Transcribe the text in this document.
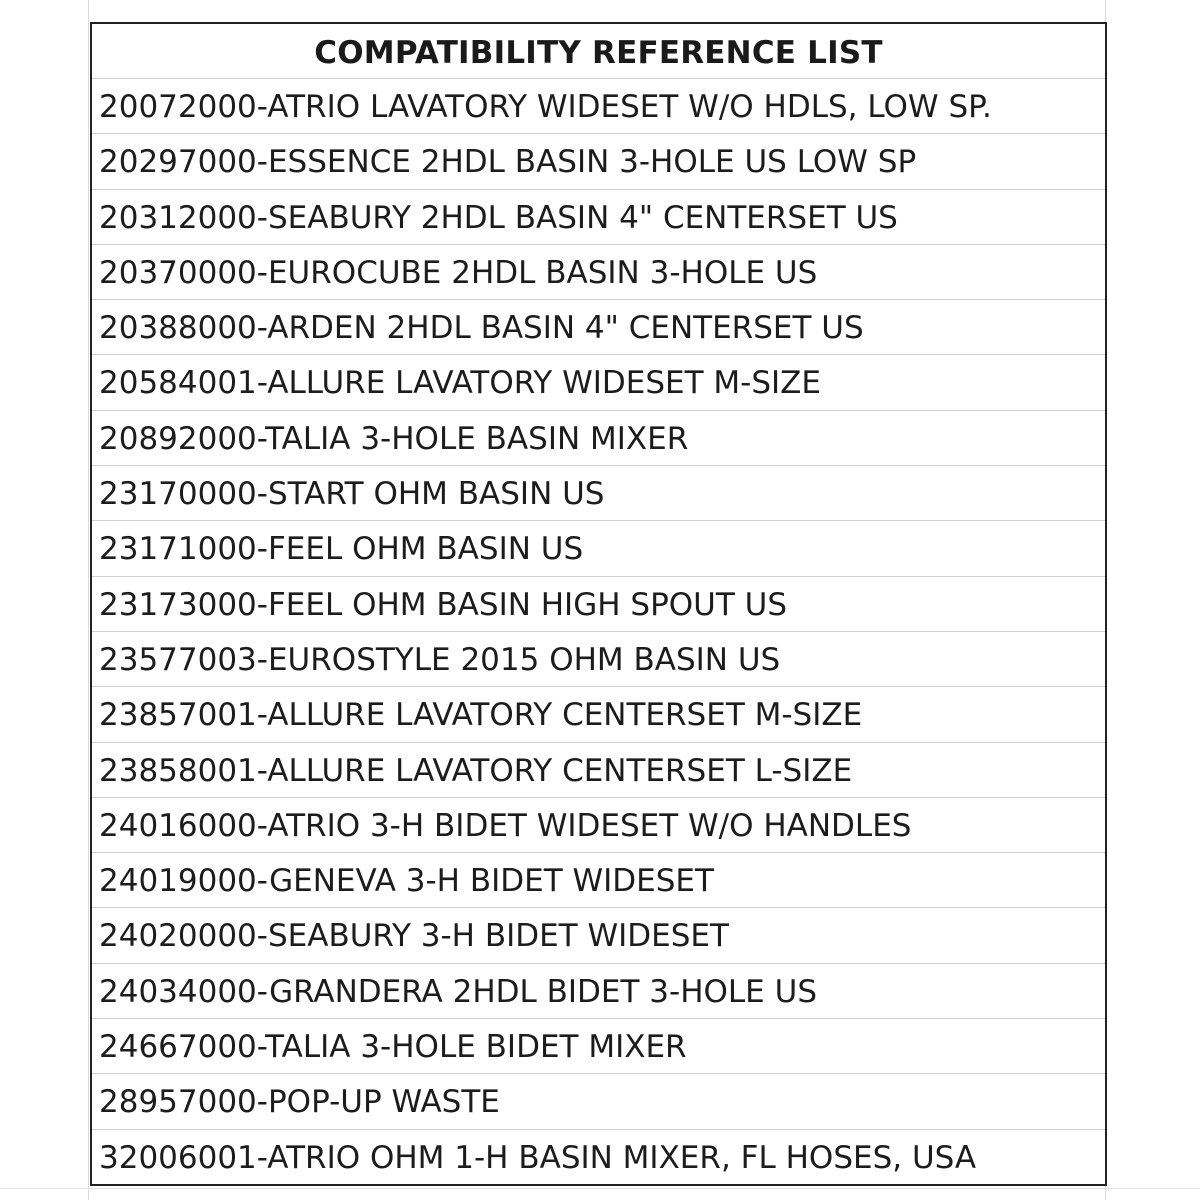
COMPATIBILITY REFERENCE LIST
20072000-ATRIO LAVATORY WIDESET W/O HDLS, LOW SP.
20297000-ESSENCE 2HDL BASIN 3-HOLE US LOW SP
20312000-SEABURY 2HDL BASIN 4" CENTERSET US
20370000-EUROCUBE 2HDL BASIN 3-HOLE US
20388000-ARDEN 2HDL BASIN 4" CENTERSET US
20584001-ALLURE LAVATORY WIDESET M-SIZE
20892000-TALIA 3-HOLE BASIN MIXER
23170000-START OHM BASIN US
23171000-FEEL OHM BASIN US
23173000-FEEL OHM BASIN HIGH SPOUT US
23577003-EUROSTYLE 2015 OHM BASIN US
23857001-ALLURE LAVATORY CENTERSET M-SIZE
23858001-ALLURE LAVATORY CENTERSET L-SIZE
24016000-ATRIO 3-H BIDET WIDESET W/O HANDLES
24019000-GENEVA 3-H BIDET WIDESET
24020000-SEABURY 3-H BIDET WIDESET
24034000-GRANDERA 2HDL BIDET 3-HOLE US
24667000-TALIA 3-HOLE BIDET MIXER
28957000-POP-UP WASTE
32006001-ATRIO OHM 1-H BASIN MIXER, FL HOSES, USA
